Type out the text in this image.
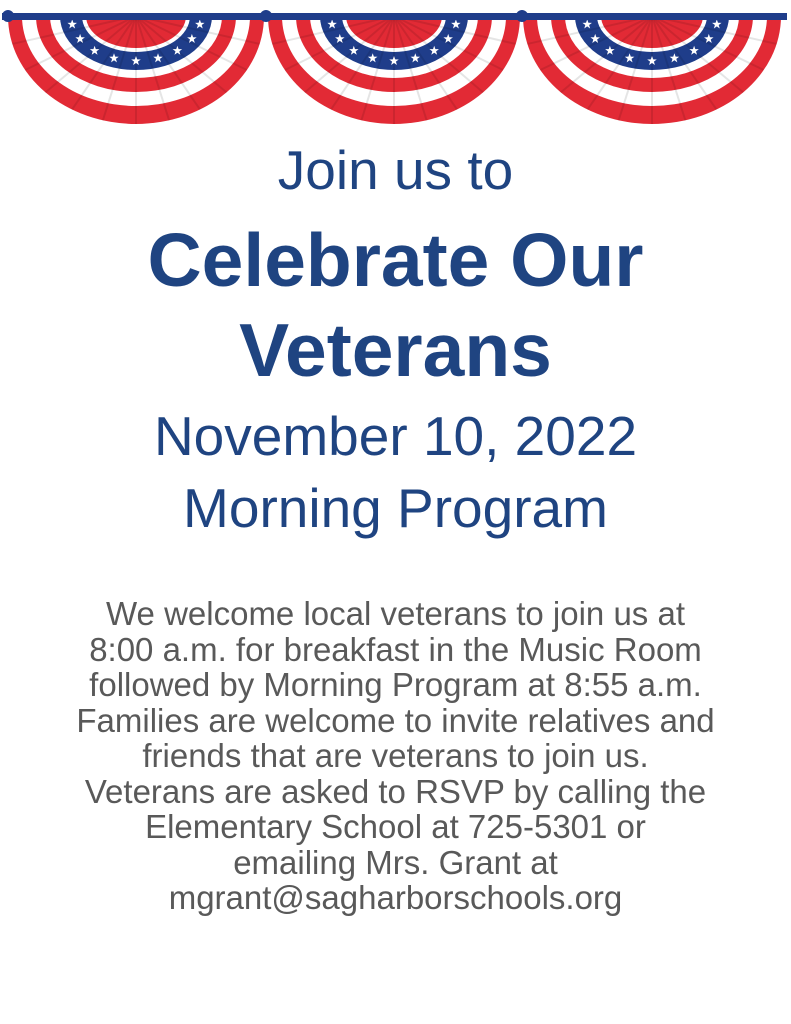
Join us to
Celebrate Our
Veterans
November 10, 2022
Morning Program
We welcome local veterans to join us at
8:00 a.m. for breakfast in the Music Room
followed by Morning Program at 8:55 a.m.
Families are welcome to invite relatives and
friends that are veterans to join us.
Veterans are asked to RSVP by calling the
Elementary School at 725-5301 or
emailing Mrs. Grant at
mgrant@sagharborschools.org
